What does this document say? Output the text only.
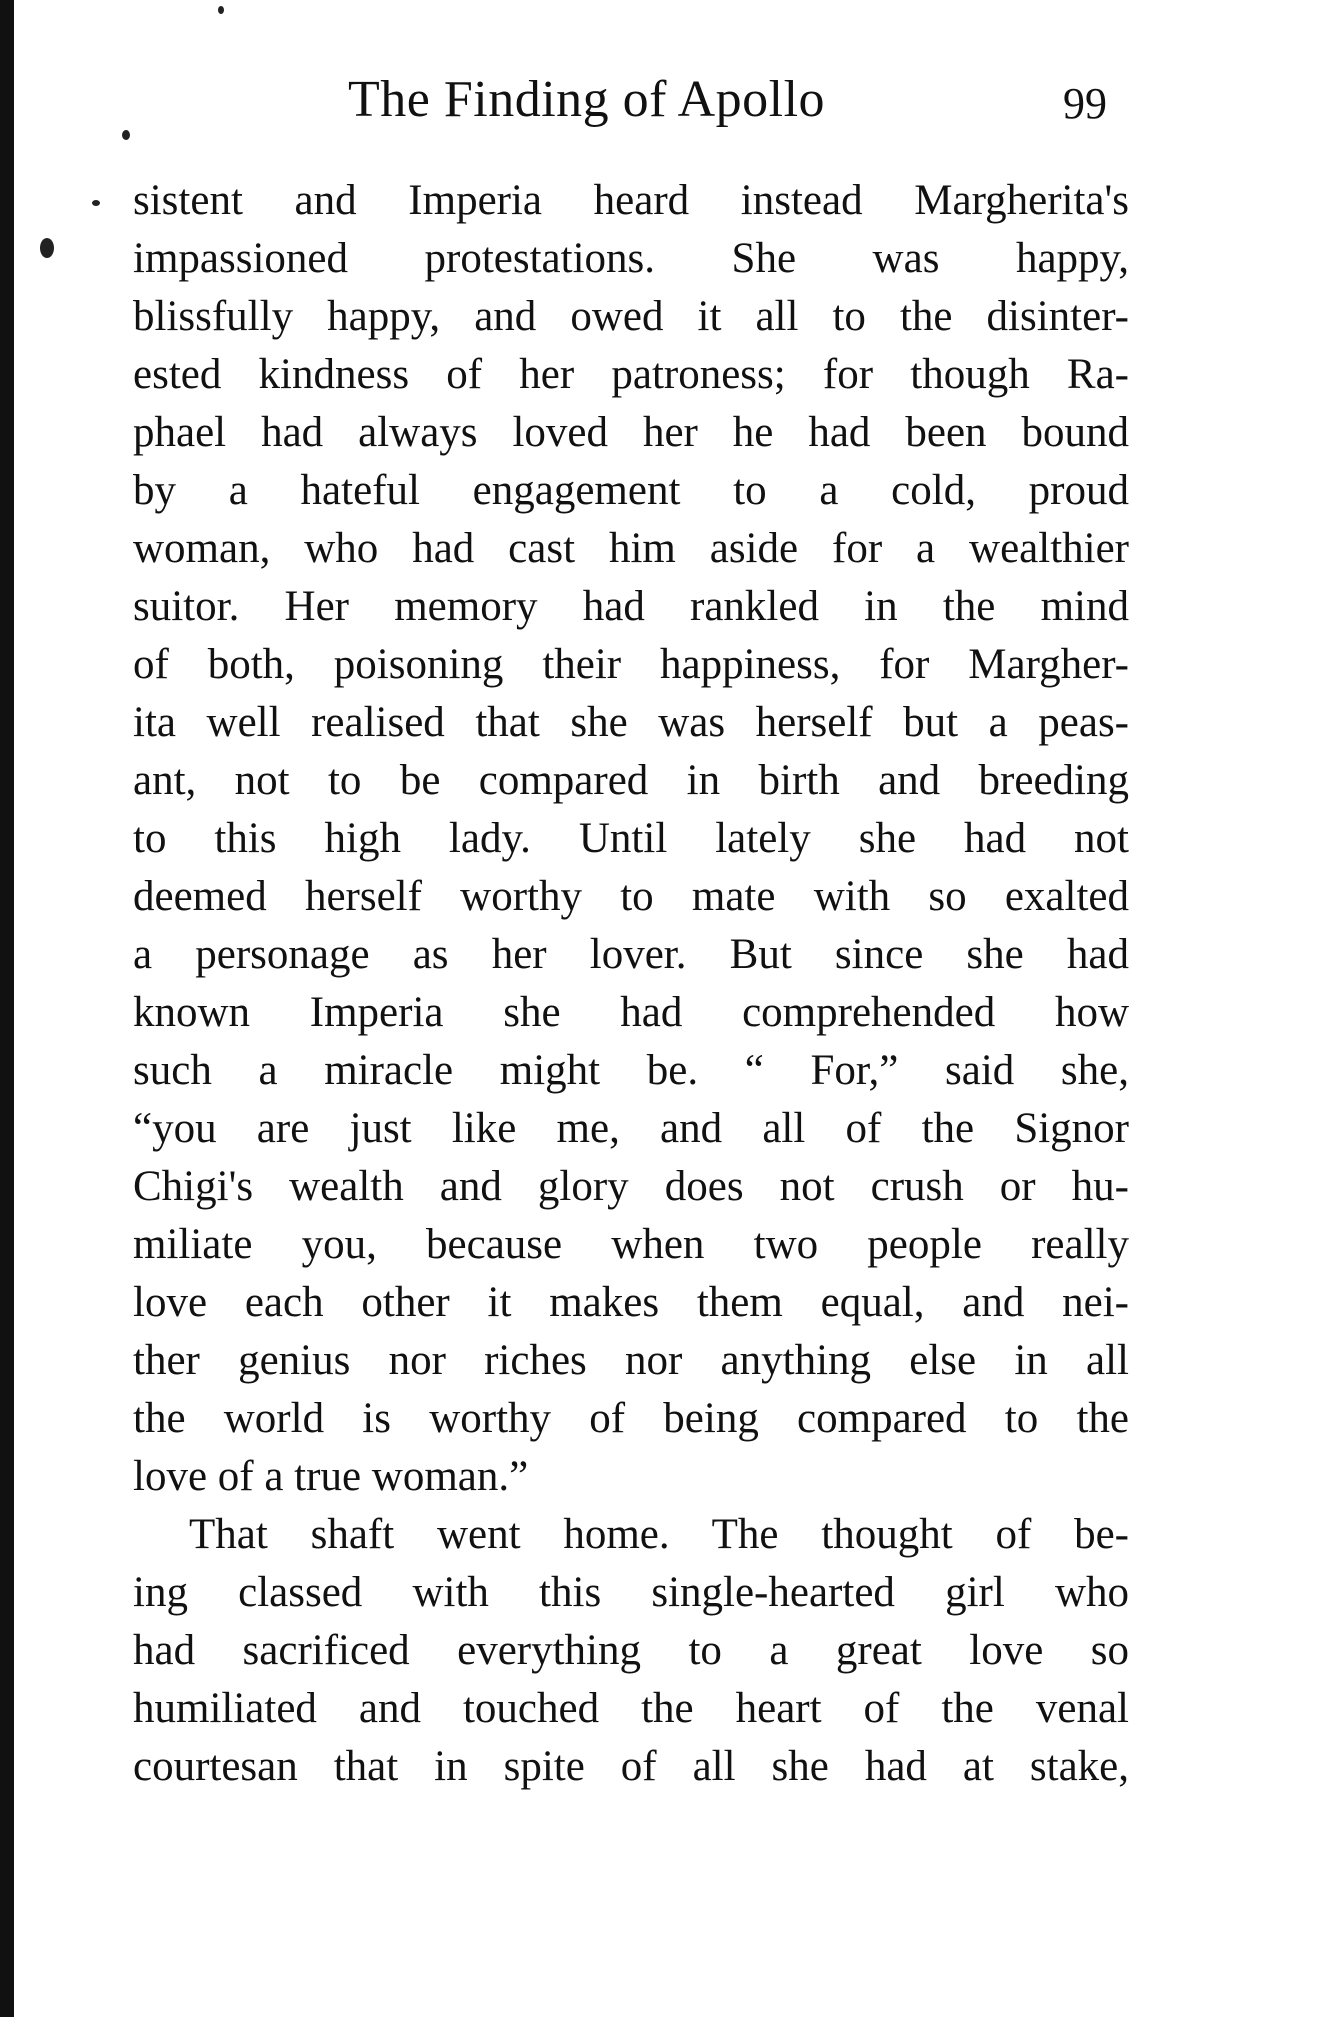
The Finding of Apollo	99
sistent and Imperia heard instead Margherita's
impassioned protestations. She was happy,
blissfully happy, and owed it all to the disinter-
ested kindness of her patroness; for though Ra-
phael had always loved her he had been bound
by a hateful engagement to a cold, proud
woman, who had cast him aside for a wealthier
suitor. Her memory had rankled in the mind
of both, poisoning their happiness, for Margher-
ita well realised that she was herself but a peas-
ant, not to be compared in birth and breeding
to this high lady. Until lately she had not
deemed herself worthy to mate with so exalted
a personage as her lover. But since she had
known Imperia she had comprehended how
such a miracle might be. “ For,” said she,
“you are just like me, and all of the Signor
Chigi's wealth and glory does not crush or hu-
miliate you, because when two people really
love each other it makes them equal, and nei-
ther genius nor riches nor anything else in all
the world is worthy of being compared to the
love of a true woman.”
That shaft went home. The thought of be-
ing classed with this single-hearted girl who
had sacrificed everything to a great love so
humiliated and touched the heart of the venal
courtesan that in spite of all she had at stake,
